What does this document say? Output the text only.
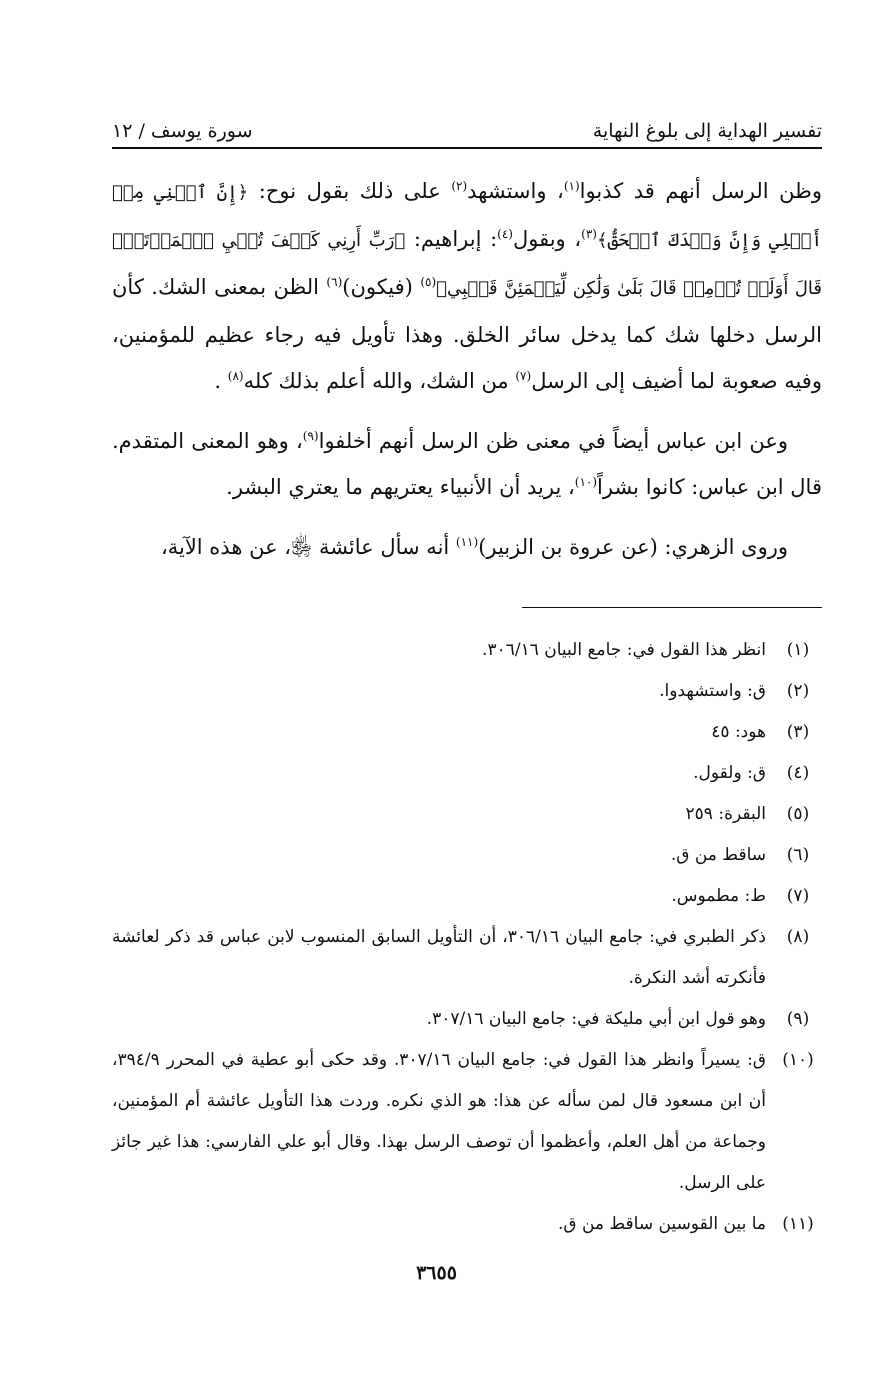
تفسير الهداية إلى بلوغ النهاية
سورة يوسف / ١٢

وظن الرسل أنهم قد كذبوا$^{(١)}$، واستشهد$^{(٢)}$ على ذلك بقول نوح: ﴿إِنَّ ٱبۡنِي مِنۡ أَهۡلِي وَإِنَّ وَعۡدَكَ ٱلۡحَقُّ﴾$^{(٣)}$، وبقول$^{(٤)}$: إبراهيم: ﴿رَبِّ أَرِنِي كَيۡفَ تُحۡيِ ٱلۡمَوۡتَىٰۖ قَالَ أَوَلَمۡ تُؤۡمِنۖ قَالَ بَلَىٰ وَلَٰكِن لِّيَطۡمَئِنَّ قَلۡبِي﴾$^{(٥)}$ (فيكون)$^{(٦)}$ الظن بمعنى الشك. كأن الرسل دخلها شك كما يدخل سائر الخلق. وهذا تأويل فيه رجاء عظيم للمؤمنين، وفيه صعوبة لما أضيف إلى الرسل$^{(٧)}$ من الشك، والله أعلم بذلك كله$^{(٨)}$ .

وعن ابن عباس أيضاً في معنى ظن الرسل أنهم أخلفوا$^{(٩)}$، وهو المعنى المتقدم. قال ابن عباس: كانوا بشراً$^{(١٠)}$، يريد أن الأنبياء يعتريهم ما يعتري البشر.

وروى الزهري: (عن عروة بن الزبير)$^{(١١)}$ أنه سأل عائشة ﵂، عن هذه الآية،

(١)
انظر هذا القول في: جامع البيان ٣٠٦/١٦.
(٢)
ق: واستشهدوا.
(٣)
هود: ٤٥
(٤)
ق: ولقول.
(٥)
البقرة: ٢٥٩
(٦)
ساقط من ق.
(٧)
ط: مطموس.
(٨)
ذكر الطبري في: جامع البيان ٣٠٦/١٦، أن التأويل السابق المنسوب لابن عباس قد ذكر لعائشة فأنكرته أشد النكرة.
(٩)
وهو قول ابن أبي مليكة في: جامع البيان ٣٠٧/١٦.
(١٠)
ق: يسيراً وانظر هذا القول في: جامع البيان ٣٠٧/١٦. وقد حكى أبو عطية في المحرر ٣٩٤/٩، أن ابن مسعود قال لمن سأله عن هذا: هو الذي نكره. وردت هذا التأويل عائشة أم المؤمنين، وجماعة من أهل العلم، وأعظموا أن توصف الرسل بهذا. وقال أبو علي الفارسي: هذا غير جائز على الرسل.
(١١)
ما بين القوسين ساقط من ق.
٣٦٥٥
